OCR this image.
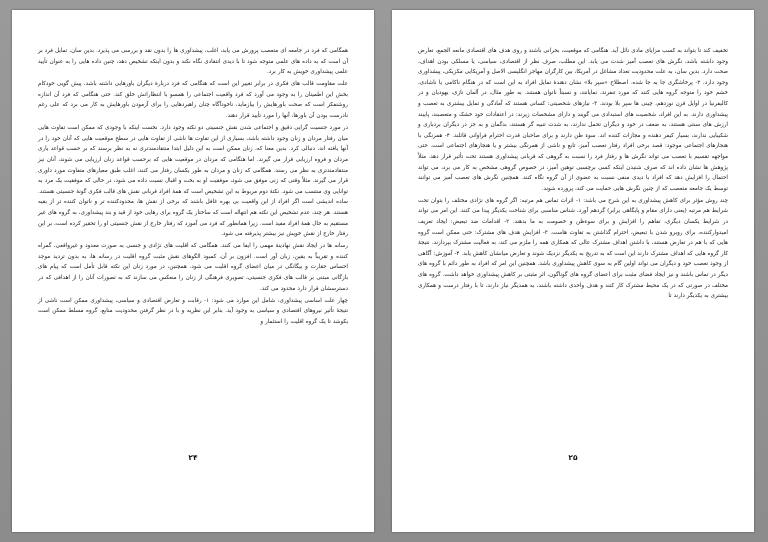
همگامی که فرد در جامعه ای متعصب پرورش می یابد، اغلب، پیشداوری ها را بدون نقد و بررسی می پذیرد. بدین سان، تمایل فرد بر آن است که به داده های علمی متوجه شود تا با دیدی انتقادی نگاه نکند و بدون اینکه تشخیص دهد، چنین داده هایی را به عنوان تأیید علمی پیشداوری خویش به کار برد.

علت مقاومت قالب های فکری در برابر تغییر این است که هنگامی که فرد دربارهٔ دیگران باورهایی داشته باشد، پیش گویی خودکام بخش این اطمینان را به وجود می آورد که فرد واقعیت اجتماعی را همسو با انتظاراتش خلق کند. حتی هنگامی که فرد آن اندازه روشنفکر است که صحت باورهایش را بیازماید، ناخودآگاه چنان راهبردهایی را برای آزمودن باورهایش به کار می برد که علی رغم نادرست بودن آن باورها، آنها را مورد تأیید قرار دهند.

در مورد جنسیت گرایی دقیق و اجتماعی شدن نقش جنسیتی دو نکته وجود دارد. نخست اینکه با وجودی که ممکن است تفاوت هایی میان رفتار مردان و زنان وجود داشته باشد، بسیاری از این تفاوت ها ناشی از تفاوت هایی در سطح موقعیت هایی که آنان خود را در آنها یافته اند، دنبالی کرد. بدین معنا که، زنان ممکن است به این دلیل ابتدا منتقادمندتری نه به نظر برسند که بر حسب قواعد یاری مردان و فروه ارزیابی قرار می گیرند. اما هنگامی که مردان در موقعیت هایی که برحسب قواعد زنان ارزیابی می شوند، آنان نیز منتقادمندتری به نظر می رسند. همگامی که زنان و مردان به طور یکسان رفتار می کنند، اغلب طبق معیارهای متفاوت مورد داوری قرار می گیرند. مثلاً وقتی که زنی موفق می شود، موفقیت او به بخت و اقبال نسبت داده می شود، در حالی که موفقیت یک مرد به توانایی وی منتسب می شود. نکتهٔ دوم مربوط به این تشخیص است که همهٔ افراد قربانی نقش های قالب فکری گونهٔ جنسیتی هستند. ساده اندیشی است اگر افراد از این واقعیت بی بهره غافل باشند که برخی از نقش ها، محدودکننده تر و ناتوان کننده تر از بقیه هستند. هر چند، عدم تشخیص این نکته هم انتهاله است که ساختار یک گروه برای رهایی خود از قید و بند پیشداوری، به گروه های غیر مستقیم به حال همهٔ افراد مفید است. زیرا همانطور که فرد می آموزد که رفتار خارج از نقش جنسیتی او را تحقیر کرده است، بر این رفتار خارج از نقش خویش نیز بیشتر پذیرفته می شود.

رسانه ها در ایجاد نقش نهادینهٔ مهمی را ایفا می کنند. همگامی که اقلیت های نژادی و جنسی به صورت معدود و غیرواقعی، گمراه کننده و تقریباً به یقین، زبان آور است. افزون بر آن، کمبود الگوهای نقش مثبت گروه اقلیت در رسانه ها، به بدون تردید موجد احساس حقارت و بیگانگی در میان اعضای گروه اقلیت می شود. همچنین، در مورد زنان این نکته قابل تأمل است که پیام های بازگانی مبتنی بر قالب های فکری جنسیتی، تصویری فرهنگی از زنان را منعکس می سازند که به تصورات آنان را از اهدافی که در دسترسشان قرار دارد محدود می کند.

چهار علت اساسی پیشداوری، شامل این موارد می شود: ۱- رقابت و تعارض اقتصادی و سیاسی، پیشداوری ممکن است ناشی از نتیجهٔ تأثیر نیروهای اقتصادی و سیاسی به وجود آید. بنابر این نظریه و با در نظر گرفتن محدودیت منابع، گروه مسلط ممکن است بکوشد تا یک گروه اقلیت را استثمار و

۲۴

تخفیف کند تا بتواند به کسب مزایای مادی نائل آید. هنگامی که موقعیت، بحرانی باشند و روی هدف های اقتصادی مانعه الجمع، تعارض وجود داشته باشد، نگرش های تعصب آمیز شدت می یابد. این مطلب، صرف نظر از اقتصادی، سیاسی، یا مسلکی بودن اهداف، صحت دارد. بدین سان، به علت محدودیت تعداد مشاغل در آمریکا، بین کارگران مهاجر انگلیسی الاصل و آمریکایی مکزیکی، پیشداوری وجود دارد. ۲- پرخاشگری جا به جا شده. اصطلاح «سپر بلا» نشان دهندهٔ تمایل افراد به این است که در هنگام ناکامی یا ناشادی، خشم خود را متوجه گروه هایی کنند که مورد تنفرند، نمایانند، و نسبتاً ناتوان هستند. به طور مثال، در آلمان نازی، یهودیان و در کالیفرنیا در اوایل قرن نوزدهم، چینی ها سپر بلا بودند. ۳- نیازهای شخصیتی: کسانی هستند که آمادگی و تمایل بیشتری به تعصب و پیشداوری دارند. به این افراد، شخصیت های استبدادی می گویند و دارای مشخصات زیرند: در اعتقادات خود خشک و متعصبند، پایبند ارزش های سنتی هستند، به ضعف در خود و دیگران تحمل ندارند، به شدت تنبیه گر هستند، بدگمان و به جز در دیگران بردباری و شکیبایی ندارند، بسیار کیفر دهنده و مجازات کننده اند. سوء ظن دارند و برای صاحبان قدرت احترام فراوانی قائلند. ۴- همرنگی با هنجارهای اجتماعی موجود: قصد برخی افراد رفتار تعصب آمیز، تابع و ناشی از همرنگی بیشتر و یا هنجارهای اجتماعی است. حتی مواجهه تقسیم با تعصب می تواند نگرش ها و رفتار فرد را نسبت به گروهی که قربانی پیشداوری هستند تحت تأثیر قرار دهد. مثلاً پژوهش ها نشان داده اند که صرف شنیدن اینکه کسی برچسبی توهین آمیز، در خصوص گروهی مشخص به کار می برد، می تواند احتمال را افزایش دهد که افراد با دیدی منفی نسبت به عضوی از آن گروه نگاه کنند. همچنین نگرش های تعصب آمیز می توانند توسط یک جامعه متعصب که از چنین نگرش هایی حمایت می کند، پرورده شوند.

چند روش مؤثر برای کاهش پیشداوری به این شرح می باشد: ۱- اثرات تماس هم مرتبه: اگر گروه های نژادی مختلف را بتوان تحت شرایط هم مرتبه (یعنی دارای مقام و پایگاهی برابر) گردهم آورد، شناس مناسبی برای شناخت یکدیگر پیدا می کنند. این امر می تواند در شرایط یکسان دیگری، تفاهم را افزایش و برای سوءظن و خصومت به ما بدهند. ۲- اقدامات ضد تبعیض: ایجاد تعریف امیدوارکننده، برای روبرو شدن با تبعیض، احترام گذاشتن به تفاوت هاست. ۳- افزایش هدف های مشترک: حتی ممکن است گروه هایی که با هم در تعارض هستند، با داشتن اهداف مشترک عالی که همکاری همه را ملزم می کند، به فعالیت مشترک بپردازند. نتیجهٔ کار گروه هایی که اهداف مشترک دارند این است که به تدریج به یکدیگر نزدیک شوند و تعارض میانشان کاهش یابد. ۴- آموزش: آگاهی از وجود تعصب خود و دیگران می تواند اولین گام به سوی کاهش پیشداوری باشد. همچنین این امر که افراد به طور دائم با گروه های دیگر در تماس باشند و نیز ایجاد فضای مثبت برای اعضای گروه های گوناگون، اثر مثبتی بر کاهش پیشداوری خواهد داشت. گروه های مختلف در صورتی که در یک محیط مشترک کار کنند و هدف واحدی داشته باشند، به همدیگر نیاز دارند، تا با رفتار درست و همکاری بیشتری به یکدیگر دارند تا

۲۵
